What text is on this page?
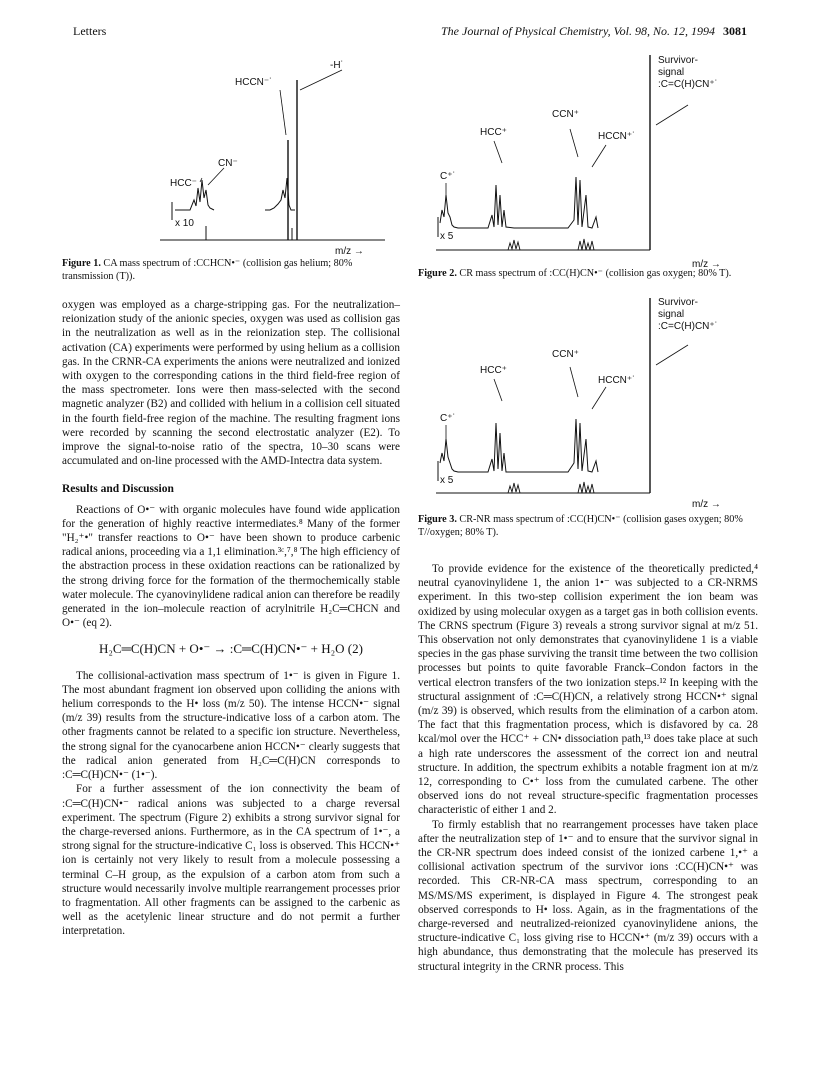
Letters	The Journal of Physical Chemistry, Vol. 98, No. 12, 1994 3081
HCCN⁻˙
-H˙
CN⁻
HCC⁻
x 10
m/z →
Figure 1. CA mass spectrum of :CCHCN•⁻ (collision gas helium; 80% transmission (T)).
C⁺˙
HCC⁺
CCN⁺
HCCN⁺˙
Survivor-
signal
:C=C(H)CN⁺˙
x 5
m/z →
Figure 2. CR mass spectrum of :CC(H)CN•⁻ (collision gas oxygen; 80% T).
C⁺˙
HCC⁺
CCN⁺
HCCN⁺˙
Survivor-
signal
:C=C(H)CN⁺˙
x 5
m/z →
Figure 3. CR-NR mass spectrum of :CC(H)CN•⁻ (collision gases oxygen; 80% T//oxygen; 80% T).

oxygen was employed as a charge-stripping gas. For the neutralization–reionization study of the anionic species, oxygen was used as collision gas in the neutralization as well as in the reionization step. The collisional activation (CA) experiments were performed by using helium as a collision gas. In the CRNR-CA experiments the anions were neutralized and ionized with oxygen to the corresponding cations in the third field-free region of the mass spectrometer. Ions were then mass-selected with the second magnetic analyzer (B2) and collided with helium in a collision cell situated in the fourth field-free region of the machine. The resulting fragment ions were recorded by scanning the second electrostatic analyzer (E2). To improve the signal-to-noise ratio of the spectra, 10–30 scans were accumulated and on-line processed with the AMD-Intectra data system.

Results and Discussion

Reactions of O•⁻ with organic molecules have found wide application for the generation of highly reactive intermediates.⁸ Many of the former "H₂⁺•" transfer reactions to O•⁻ have been shown to produce carbenic radical anions, proceeding via a 1,1 elimination.³ᶜ,⁷,⁸ The high efficiency of the abstraction process in these oxidation reactions can be rationalized by the strong driving force for the formation of the thermochemically stable water molecule. The cyanovinylidene radical anion can therefore be readily generated in the ion–molecule reaction of acrylnitrile H₂C═CHCN and O•⁻ (eq 2).

H₂C═C(H)CN + O•⁻ → :C═C(H)CN•⁻ + H₂O (2)

The collisional-activation mass spectrum of 1•⁻ is given in Figure 1. The most abundant fragment ion observed upon colliding the anions with helium corresponds to the H• loss (m/z 50). The intense HCCN•⁻ signal (m/z 39) results from the structure-indicative loss of a carbon atom. The other fragments cannot be related to a specific ion structure. Nevertheless, the strong signal for the cyanocarbene anion HCCN•⁻ clearly suggests that the radical anion generated from H₂C═C(H)CN corresponds to :C═C(H)CN•⁻ (1•⁻).

For a further assessment of the ion connectivity the beam of :C═C(H)CN•⁻ radical anions was subjected to a charge reversal experiment. The spectrum (Figure 2) exhibits a strong survivor signal for the charge-reversed anions. Furthermore, as in the CA spectrum of 1•⁻, a strong signal for the structure-indicative C₁ loss is observed. This HCCN•⁺ ion is certainly not very likely to result from a molecule possessing a terminal C–H group, as the expulsion of a carbon atom from such a structure would necessarily involve multiple rearrangement processes prior to fragmentation. All other fragments can be assigned to the carbenic as well as the acetylenic linear structure and do not permit a further interpretation.

To provide evidence for the existence of the theoretically predicted,⁴ neutral cyanovinylidene 1, the anion 1•⁻ was subjected to a CR-NRMS experiment. In this two-step collision experiment the ion beam was oxidized by using molecular oxygen as a target gas in both collision events. The CRNS spectrum (Figure 3) reveals a strong survivor signal at m/z 51. This observation not only demonstrates that cyanovinylidene 1 is a viable species in the gas phase surviving the transit time between the two collision processes but points to quite favorable Franck–Condon factors in the vertical electron transfers of the two ionization steps.¹² In keeping with the structural assignment of :C═C(H)CN, a relatively strong HCCN•⁺ signal (m/z 39) is observed, which results from the elimination of a carbon atom. The fact that this fragmentation process, which is disfavored by ca. 28 kcal/mol over the HCC⁺ + CN• dissociation path,¹³ does take place at such a high rate underscores the assessment of the correct ion and neutral structure. In addition, the spectrum exhibits a notable fragment ion at m/z 12, corresponding to C•⁺ loss from the cumulated carbene. The other observed ions do not reveal structure-specific fragmentation processes characteristic of either 1 and 2.

To firmly establish that no rearrangement processes have taken place after the neutralization step of 1•⁻ and to ensure that the survivor signal in the CR-NR spectrum does indeed consist of the ionized carbene 1,•⁺ a collisional activation spectrum of the survivor ions :CC(H)CN•⁺ was recorded. This CR-NR-CA mass spectrum, corresponding to an MS/MS/MS experiment, is displayed in Figure 4. The strongest peak observed corresponds to H• loss. Again, as in the fragmentations of the charge-reversed and neutralized-reionized cyanovinylidene anions, the structure-indicative C₁ loss giving rise to HCCN•⁺ (m/z 39) occurs with a high abundance, thus demonstrating that the molecule has preserved its structural integrity in the CRNR process. This
